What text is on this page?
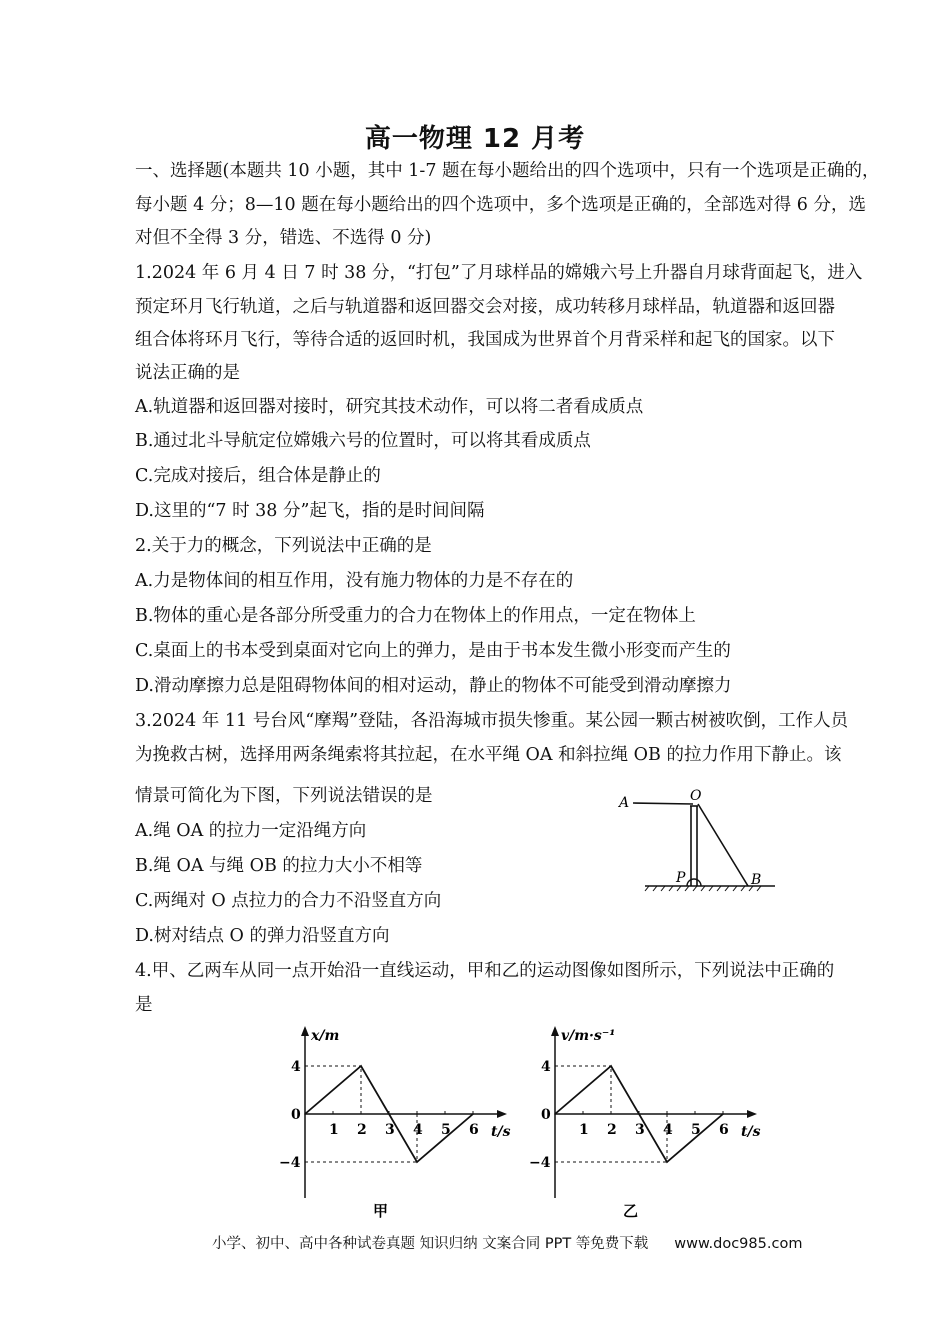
高一物理 12 月考
一、选择题(本题共 10 小题，其中 1-7 题在每小题给出的四个选项中，只有一个选项是正确的，
每小题 4 分；8—10 题在每小题给出的四个选项中，多个选项是正确的，全部选对得 6 分，选
对但不全得 3 分，错选、不选得 0 分)
1.2024 年 6 月 4 日 7 时 38 分，“打包”了月球样品的嫦娥六号上升器自月球背面起飞，进入
预定环月飞行轨道，之后与轨道器和返回器交会对接，成功转移月球样品，轨道器和返回器
组合体将环月飞行，等待合适的返回时机，我国成为世界首个月背采样和起飞的国家。以下
说法正确的是
A.轨道器和返回器对接时，研究其技术动作，可以将二者看成质点
B.通过北斗导航定位嫦娥六号的位置时，可以将其看成质点
C.完成对接后，组合体是静止的
D.这里的“7 时 38 分”起飞，指的是时间间隔
2.关于力的概念，下列说法中正确的是
A.力是物体间的相互作用，没有施力物体的力是不存在的
B.物体的重心是各部分所受重力的合力在物体上的作用点，一定在物体上
C.桌面上的书本受到桌面对它向上的弹力，是由于书本发生微小形变而产生的
D.滑动摩擦力总是阻碍物体间的相对运动，静止的物体不可能受到滑动摩擦力
3.2024 年 11 号台风“摩羯”登陆，各沿海城市损失惨重。某公园一颗古树被吹倒，工作人员
为挽救古树，选择用两条绳索将其拉起，在水平绳 OA 和斜拉绳 OB 的拉力作用下静止。该
情景可简化为下图，下列说法错误的是
A.绳 OA 的拉力一定沿绳方向
B.绳 OA 与绳 OB 的拉力大小不相等
C.两绳对 O 点拉力的合力不沿竖直方向
D.树对结点 O 的弹力沿竖直方向
A	O
P	B
4.甲、乙两车从同一点开始沿一直线运动，甲和乙的运动图像如图所示，下列说法中正确的
是
x/m
t/s
1 2 3 4 5 6
4
0
−4
甲
v/m·s⁻¹
t/s
1 2 3 4 5 6
4
0
−4
乙
小学、初中、高中各种试卷真题 知识归纳 文案合同 PPT 等免费下载 www.doc985.com
